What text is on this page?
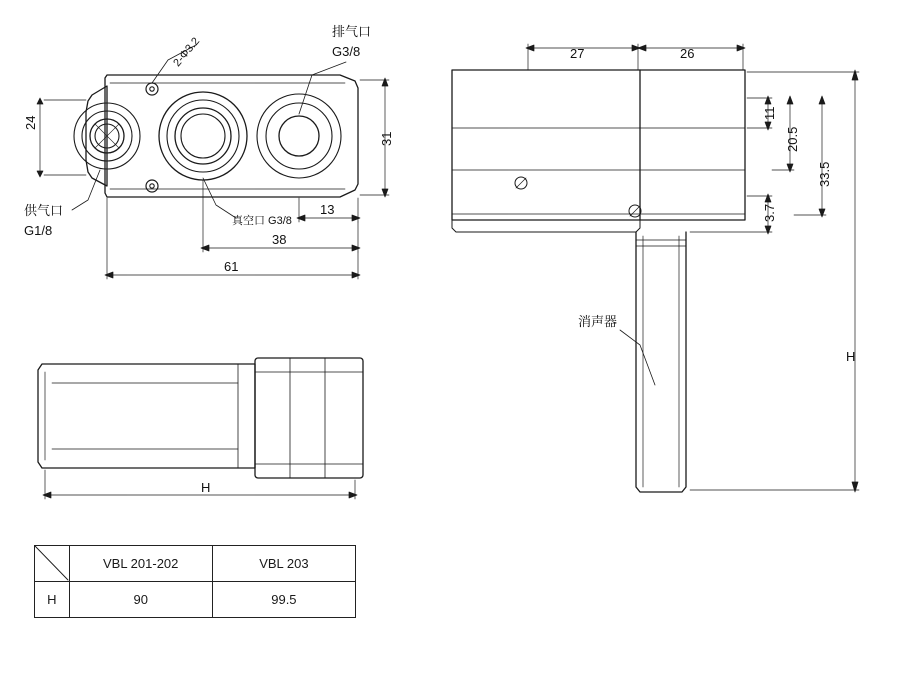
2-Φ3.2
排气口
G3/8
供气口
G1/8
真空口 G3/8
24
31
13
38
61
H
27	26
11
20.5
33.5
3.7
H
消声器
	VBL 201-202	VBL 203
H	90	99.5
